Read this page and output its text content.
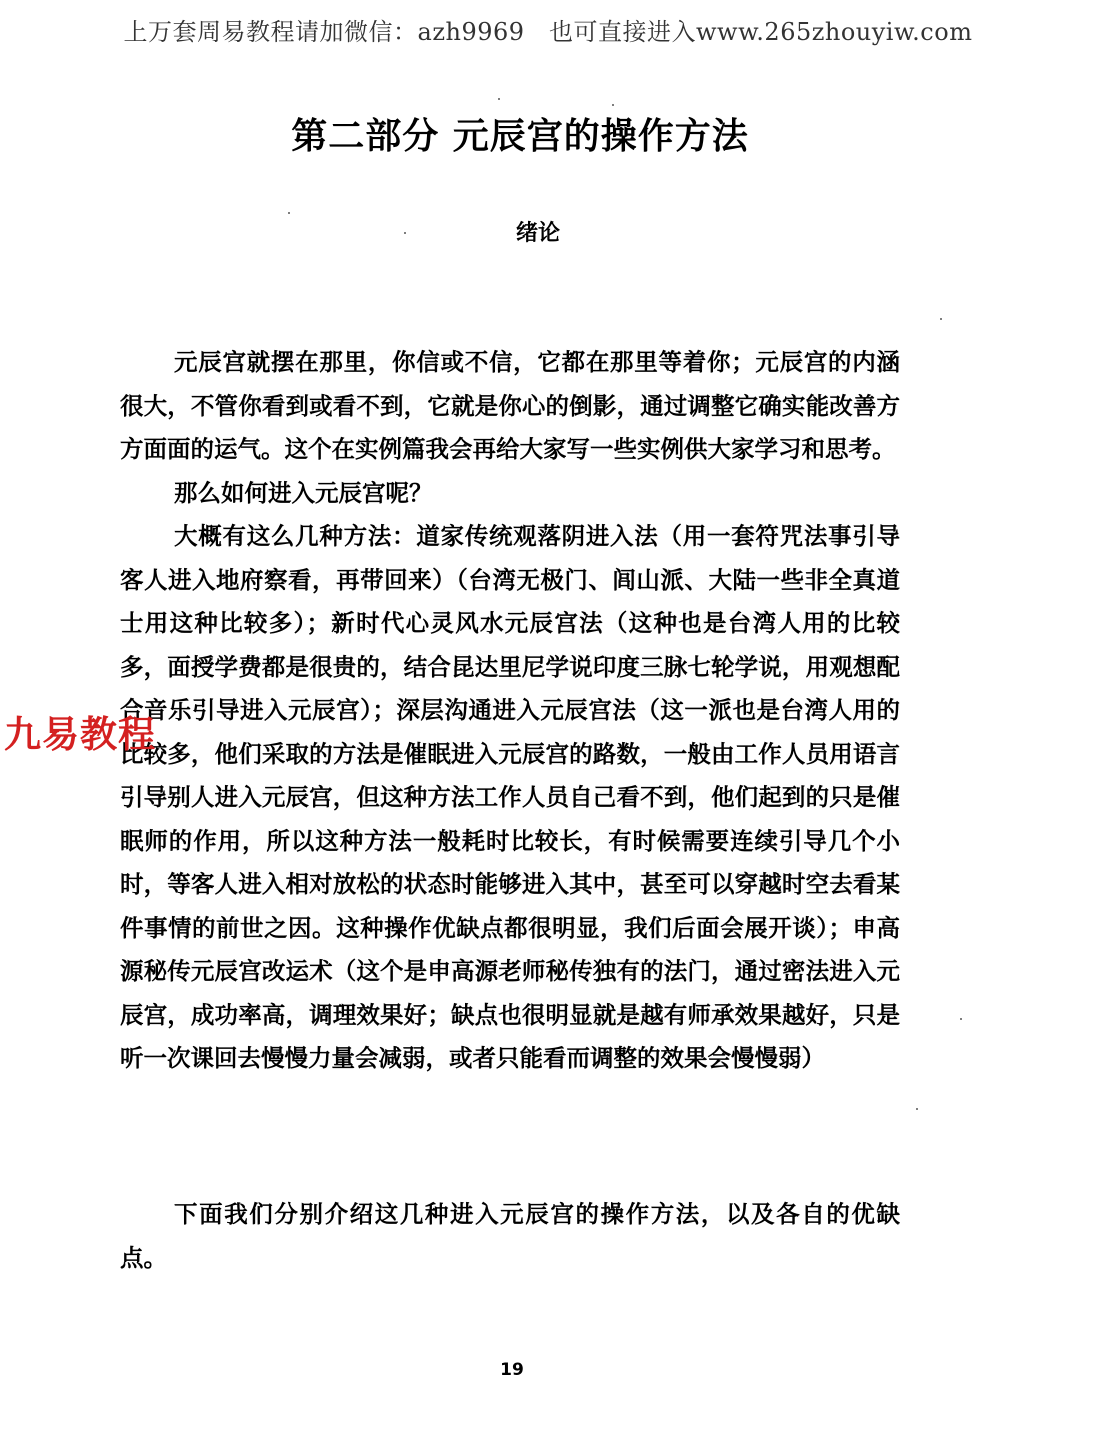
上万套周易教程请加微信：azh9969　也可直接进入www.265zhouyiw.com
第二部分 元辰宫的操作方法
绪论

元辰宫就摆在那里，你信或不信，它都在那里等着你；元辰宫的内涵很大，不管你看到或看不到，它就是你心的倒影，通过调整它确实能改善方方面面的运气。这个在实例篇我会再给大家写一些实例供大家学习和思考。

那么如何进入元辰宫呢？

大概有这么几种方法：道家传统观落阴进入法（用一套符咒法事引导客人进入地府察看，再带回来）（台湾无极门、闾山派、大陆一些非全真道士用这种比较多）；新时代心灵风水元辰宫法（这种也是台湾人用的比较多，面授学费都是很贵的，结合昆达里尼学说印度三脉七轮学说，用观想配合音乐引导进入元辰宫）；深层沟通进入元辰宫法（这一派也是台湾人用的比较多，他们采取的方法是催眠进入元辰宫的路数，一般由工作人员用语言引导别人进入元辰宫，但这种方法工作人员自己看不到，他们起到的只是催眠师的作用，所以这种方法一般耗时比较长，有时候需要连续引导几个小时，等客人进入相对放松的状态时能够进入其中，甚至可以穿越时空去看某件事情的前世之因。这种操作优缺点都很明显，我们后面会展开谈）；申高源秘传元辰宫改运术（这个是申高源老师秘传独有的法门，通过密法进入元辰宫，成功率高，调理效果好；缺点也很明显就是越有师承效果越好，只是听一次课回去慢慢力量会减弱，或者只能看而调整的效果会慢慢弱）

下面我们分别介绍这几种进入元辰宫的操作方法，以及各自的优缺点。

九易教程
19
